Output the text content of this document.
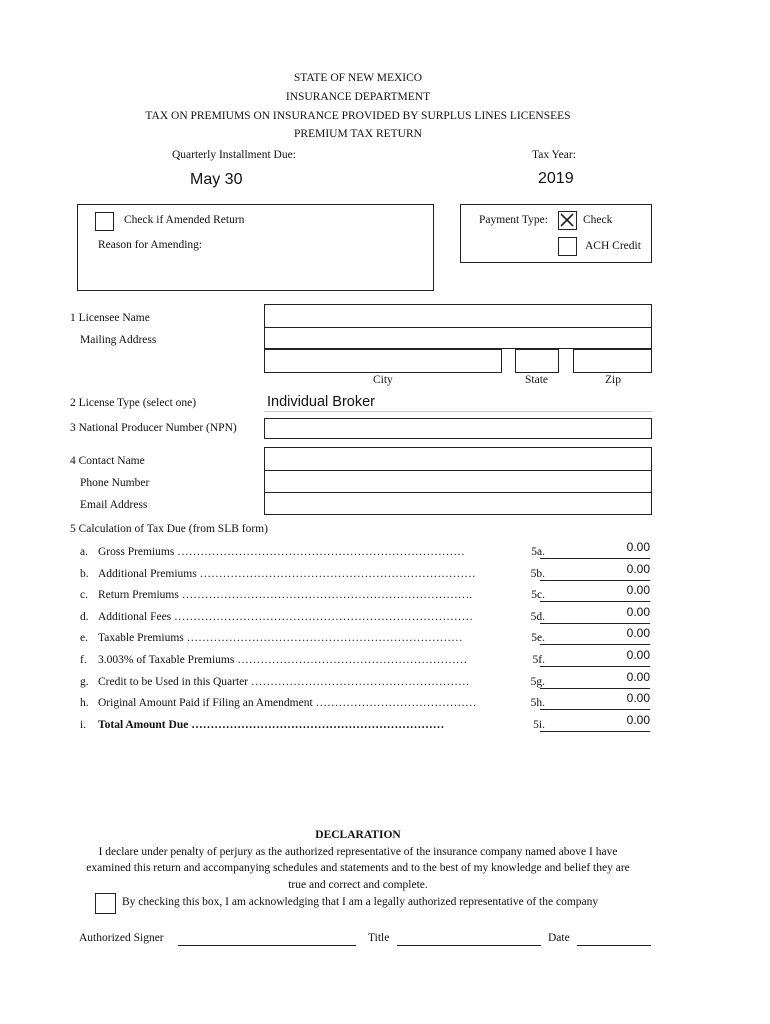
STATE OF NEW MEXICO
INSURANCE DEPARTMENT
TAX ON PREMIUMS ON INSURANCE PROVIDED BY SURPLUS LINES LICENSEES
PREMIUM TAX RETURN
Quarterly Installment Due:	Tax Year:
May 30	2019
Check if Amended Return
Reason for Amending:
Payment Type:	Check
ACH Credit
1 Licensee Name
Mailing Address
City	State	Zip
2 License Type (select one)	Individual Broker
3 National Producer Number (NPN)
4 Contact Name
Phone Number
Email Address
5 Calculation of Tax Due (from SLB form)
a. Gross Premiums …………………………………………………………………	5a.	0.00
b. Additional Premiums ………………………………………………………………	5b.	0.00
c. Return Premiums ………………………………………………………………….	5c.	0.00
d. Additional Fees ……………………………………………………………………	5d.	0.00
e. Taxable Premiums ………………………………………………………………	5e.	0.00
f. 3.003% of Taxable Premiums ……………………………………………………	5f.	0.00
g. Credit to be Used in this Quarter …………………………………………………	5g.	0.00
h. Original Amount Paid if Filing an Amendment ……………………………………	5h.	0.00
i. Total Amount Due …………………………………………………………	5i.	0.00
DECLARATION
I declare under penalty of perjury as the authorized representative of the insurance company named above I have
examined this return and accompanying schedules and statements and to the best of my knowledge and belief they are
true and correct and complete.
By checking this box, I am acknowledging that I am a legally authorized representative of the company
Authorized Signer	Title	Date
